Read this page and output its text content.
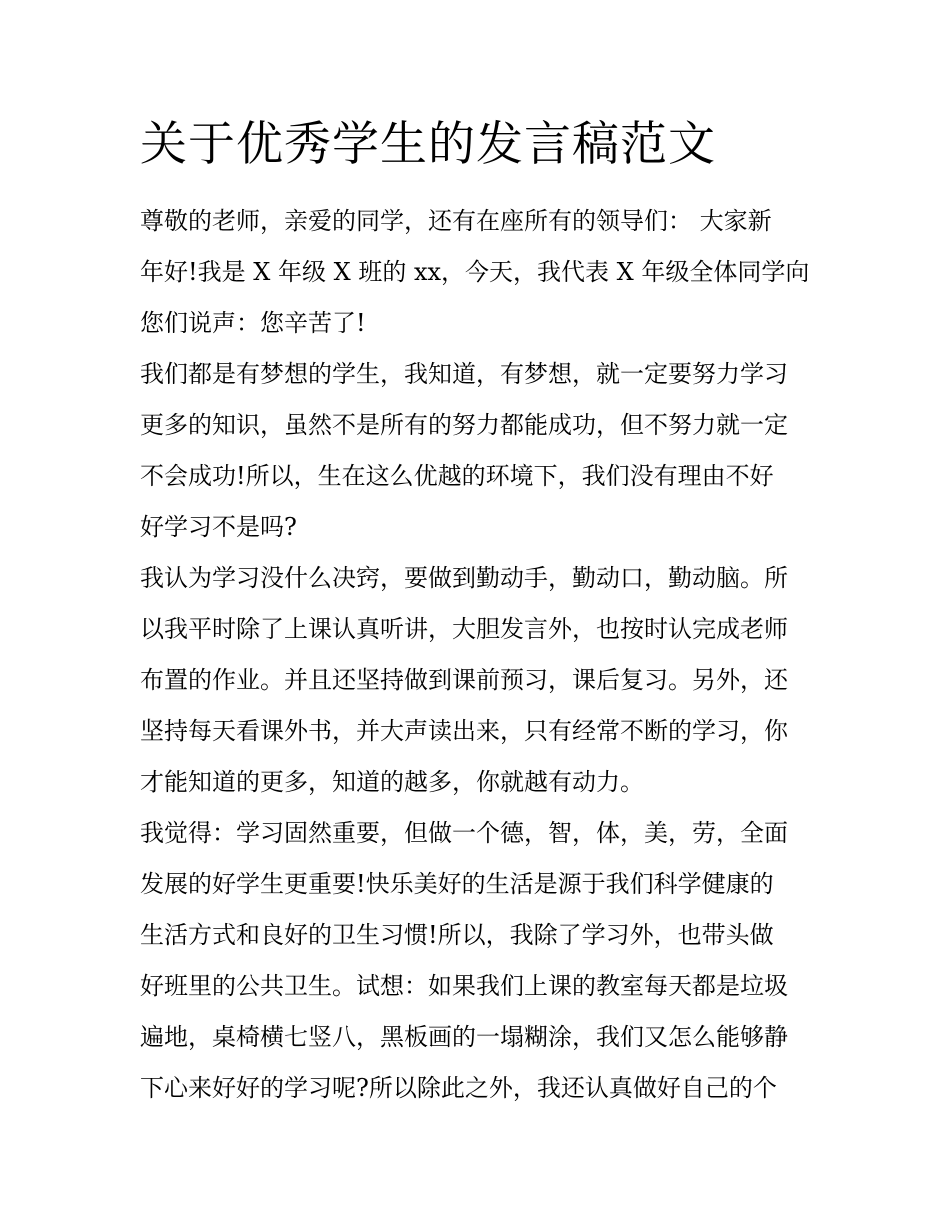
关于优秀学生的发言稿范文
尊敬的老师，亲爱的同学，还有在座所有的领导们： 大家新
年好!我是 X 年级 X 班的 xx，今天，我代表 X 年级全体同学向
您们说声：您辛苦了!
我们都是有梦想的学生，我知道，有梦想，就一定要努力学习
更多的知识，虽然不是所有的努力都能成功，但不努力就一定
不会成功!所以，生在这么优越的环境下，我们没有理由不好
好学习不是吗?
我认为学习没什么决窍，要做到勤动手，勤动口，勤动脑。所
以我平时除了上课认真听讲，大胆发言外，也按时认完成老师
布置的作业。并且还坚持做到课前预习，课后复习。另外，还
坚持每天看课外书，并大声读出来，只有经常不断的学习，你
才能知道的更多，知道的越多，你就越有动力。
我觉得：学习固然重要，但做一个德，智，体，美，劳，全面
发展的好学生更重要!快乐美好的生活是源于我们科学健康的
生活方式和良好的卫生习惯!所以，我除了学习外，也带头做
好班里的公共卫生。试想：如果我们上课的教室每天都是垃圾
遍地，桌椅横七竖八，黑板画的一塌糊涂，我们又怎么能够静
下心来好好的学习呢?所以除此之外，我还认真做好自己的个
